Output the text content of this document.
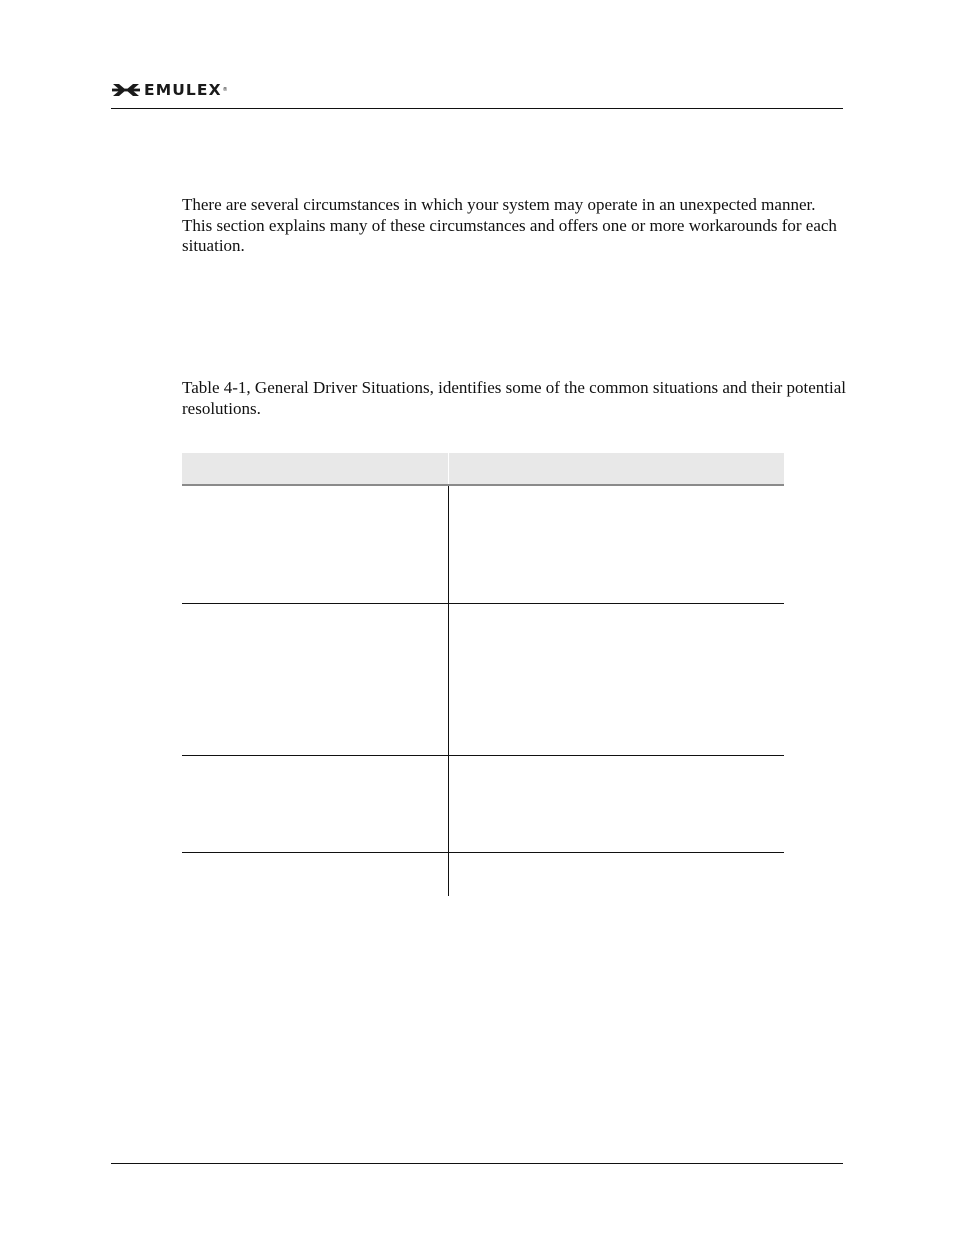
EMULEX ®

There are several circumstances in which your system may operate in an unexpected manner. This section explains many of these circumstances and offers one or more workarounds for each situation.

Table 4-1, General Driver Situations, identifies some of the common situations and their potential resolutions.
